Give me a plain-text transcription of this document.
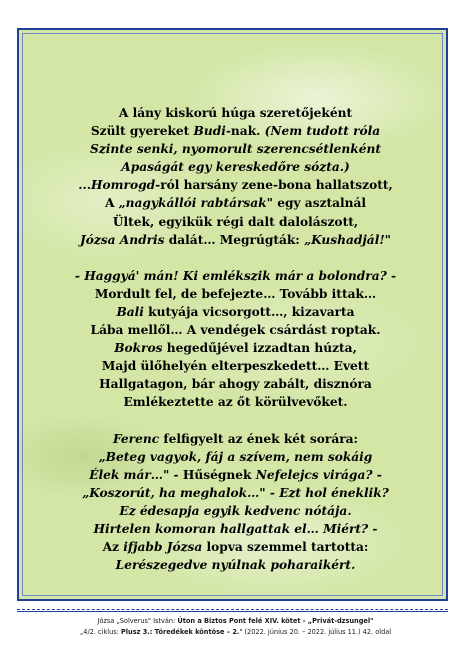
A lány kiskorú húga szeretőjeként
Szült gyereket Budi-nak. (Nem tudott róla
Szinte senki, nyomorult szerencsétlenként
Apaságát egy kereskedőre sózta.)
...Homrogd-ról harsány zene-bona hallatszott,
A „nagykállói rabtársak" egy asztalnál
Ültek, egyikük régi dalt dalolászott,
Józsa Andris dalát… Megrúgták: „Kushadjál!"
- Haggyá' mán! Ki emlékszik már a bolondra? -
Mordult fel, de befejezte… Tovább ittak…
Bali kutyája vicsorgott…, kizavarta
Lába mellől… A vendégek csárdást roptak.
Bokros hegedűjével izzadtan húzta,
Majd ülőhelyén elterpeszkedett… Evett
Hallgatagon, bár ahogy zabált, disznóra
Emlékeztette az őt körülvevőket.
Ferenc felfigyelt az ének két sorára:
„Beteg vagyok, fáj a szívem, nem sokáig
Élek már…" - Hűségnek Nefelejcs virága? -
„Koszorút, ha meghalok…" - Ezt hol éneklik?
Ez édesapja egyik kedvenc nótája.
Hirtelen komoran hallgattak el… Miért? -
Az ifjabb Józsa lopva szemmel tartotta:
Lerészegedve nyúlnak poharaikért.
Józsa „Solverus" István: Úton a Biztos Pont felé XIV. kötet - „Privát-dzsungel"
„4/2. ciklus: Plusz 3.: Töredékek köntöse – 2." (2022. június 20. – 2022. július 11.) 42. oldal
